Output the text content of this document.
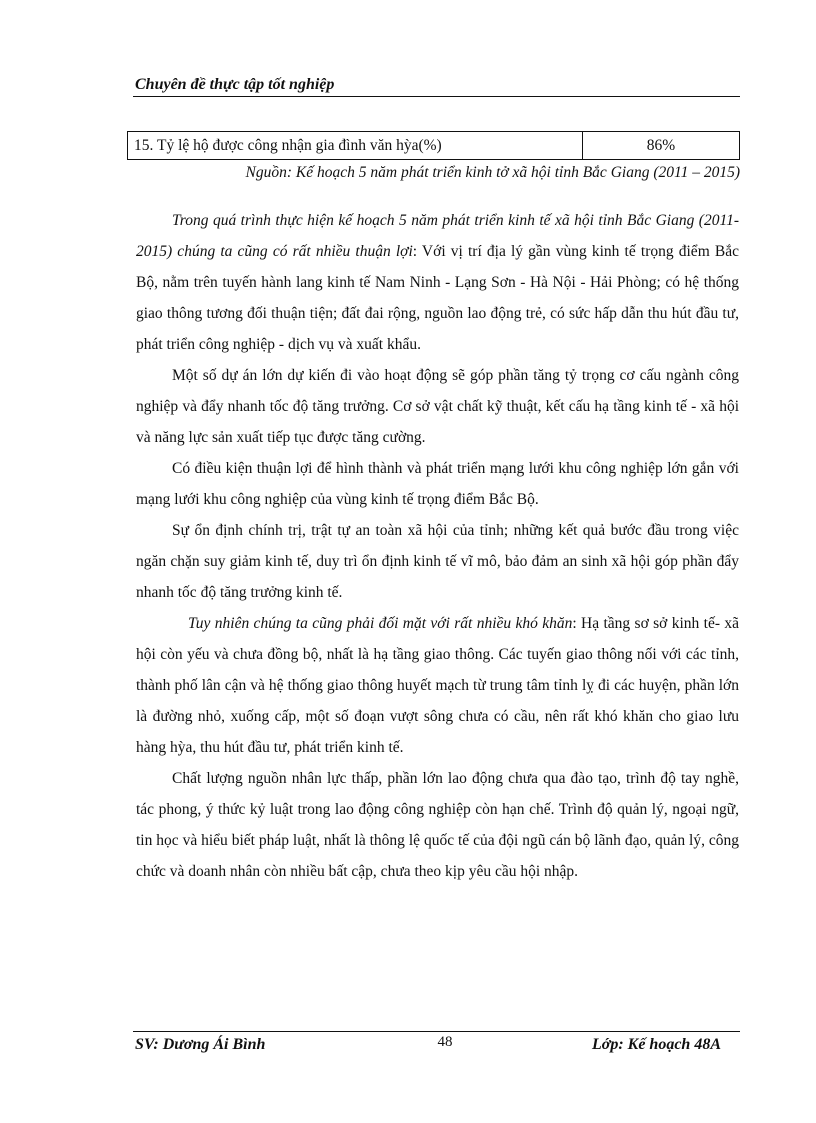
Chuyên đề thực tập tốt nghiệp
15. Tỷ lệ hộ được công nhận gia đình văn hỳa(%)	86%
Nguồn: Kế hoạch 5 năm phát triển kinh tở xã hội tỉnh Bắc Giang (2011 – 2015)

Trong quá trình thực hiện kế hoạch 5 năm phát triển kinh tế xã hội tỉnh Bắc Giang (2011-2015) chúng ta cũng có rất nhiều thuận lợi: Với vị trí địa lý gần vùng kinh tế trọng điểm Bắc Bộ, nằm trên tuyến hành lang kinh tế Nam Ninh - Lạng Sơn - Hà Nội - Hải Phòng; có hệ thống giao thông tương đối thuận tiện; đất đai rộng, nguồn lao động trẻ, có sức hấp dẫn thu hút đầu tư, phát triển công nghiệp - dịch vụ và xuất khẩu.

Một số dự án lớn dự kiến đi vào hoạt động sẽ góp phần tăng tỷ trọng cơ cấu ngành công nghiệp và đẩy nhanh tốc độ tăng trưởng. Cơ sở vật chất kỹ thuật, kết cấu hạ tầng kinh tế - xã hội và năng lực sản xuất tiếp tục được tăng cường.

Có điều kiện thuận lợi để hình thành và phát triển mạng lưới khu công nghiệp lớn gắn với mạng lưới khu công nghiệp của vùng kinh tế trọng điểm Bắc Bộ.

Sự ổn định chính trị, trật tự an toàn xã hội của tỉnh; những kết quả bước đầu trong việc ngăn chặn suy giảm kinh tế, duy trì ổn định kinh tế vĩ mô, bảo đảm an sinh xã hội góp phần đẩy nhanh tốc độ tăng trưởng kinh tế.

Tuy nhiên chúng ta cũng phải đối mặt với rất nhiều khó khăn: Hạ tầng sơ sở kinh tế- xã hội còn yếu và chưa đồng bộ, nhất là hạ tầng giao thông. Các tuyến giao thông nối với các tỉnh, thành phố lân cận và hệ thống giao thông huyết mạch từ trung tâm tỉnh lỵ đi các huyện, phần lớn là đường nhỏ, xuống cấp, một số đoạn vượt sông chưa có cầu, nên rất khó khăn cho giao lưu hàng hỳa, thu hút đầu tư, phát triển kinh tế.

Chất lượng nguồn nhân lực thấp, phần lớn lao động chưa qua đào tạo, trình độ tay nghề, tác phong, ý thức kỷ luật trong lao động công nghiệp còn hạn chế. Trình độ quản lý, ngoại ngữ, tin học và hiểu biết pháp luật, nhất là thông lệ quốc tế của đội ngũ cán bộ lãnh đạo, quản lý, công chức và doanh nhân còn nhiều bất cập, chưa theo kịp yêu cầu hội nhập.

SV: Dương Ái Bình	48	Lớp: Kế hoạch 48A
